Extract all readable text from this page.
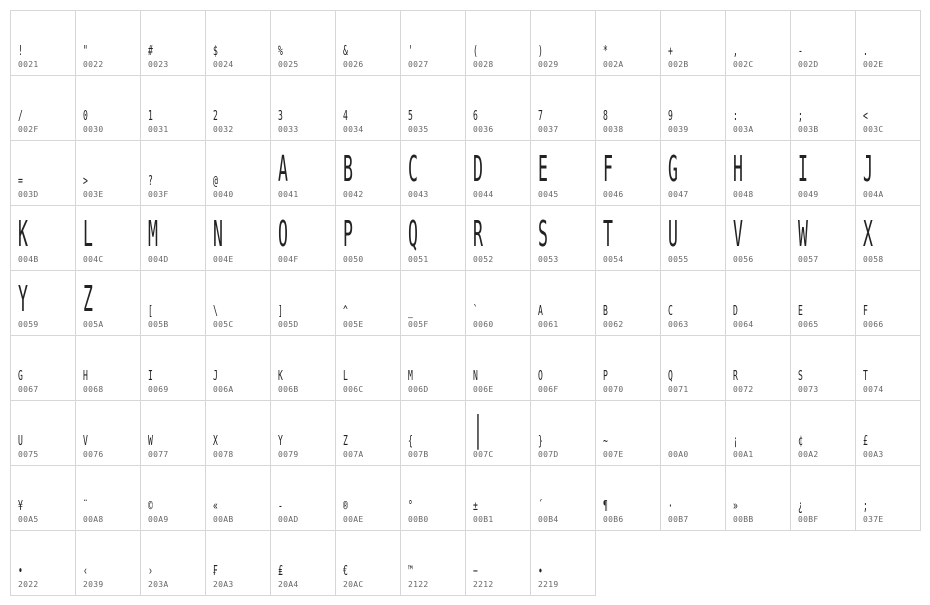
!
0021
"
0022
#
0023
$
0024
%
0025
&
0026
'
0027
(
0028
)
0029
*
002A
+
002B
,
002C
-
002D
.
002E
/
002F
0
0030
1
0031
2
0032
3
0033
4
0034
5
0035
6
0036
7
0037
8
0038
9
0039
:
003A
;
003B
<
003C
=
003D
>
003E
?
003F
@
0040
A
0041
B
0042
C
0043
D
0044
E
0045
F
0046
G
0047
H
0048
I
0049
J
004A
K
004B
L
004C
M
004D
N
004E
O
004F
P
0050
Q
0051
R
0052
S
0053
T
0054
U
0055
V
0056
W
0057
X
0058
Y
0059
Z
005A
[
005B
\
005C
]
005D
^
005E
_
005F
`
0060
A
0061
B
0062
C
0063
D
0064
E
0065
F
0066
G
0067
H
0068
I
0069
J
006A
K
006B
L
006C
M
006D
N
006E
O
006F
P
0070
Q
0071
R
0072
S
0073
T
0074
U
0075
V
0076
W
0077
X
0078
Y
0079
Z
007A
{
007B
|
007C
}
007D
~
007E	00A0
¡
00A1
¢
00A2
£
00A3
¥
00A5
¨
00A8
©
00A9
«
00AB
-
00AD
®
00AE
°
00B0
±
00B1
´
00B4
¶
00B6
·
00B7
»
00BB
¿
00BF
;
037E
•
2022
‹
2039
›
203A
₣
20A3
₤
20A4
€
20AC
™
2122
−
2212
∙
2219
